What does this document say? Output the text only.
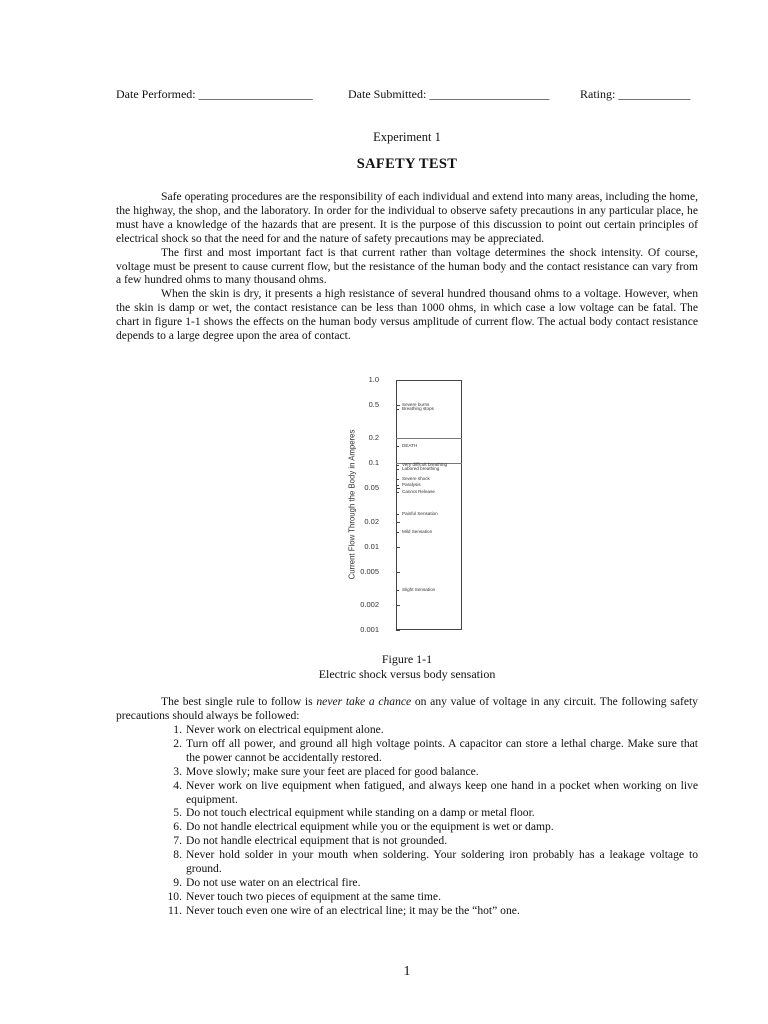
Date Performed: ___________________	Date Submitted: ____________________	Rating: ____________
Experiment 1
SAFETY TEST

Safe operating procedures are the responsibility of each individual and extend into many areas, including the home, the highway, the shop, and the laboratory. In order for the individual to observe safety precautions in any particular place, he must have a knowledge of the hazards that are present. It is the purpose of this discussion to point out certain principles of electrical shock so that the need for and the nature of safety precautions may be appreciated.

The first and most important fact is that current rather than voltage determines the shock intensity. Of course, voltage must be present to cause current flow, but the resistance of the human body and the contact resistance can vary from a few hundred ohms to many thousand ohms.

When the skin is dry, it presents a high resistance of several hundred thousand ohms to a voltage. However, when the skin is damp or wet, the contact resistance can be less than 1000 ohms, in which case a low voltage can be fatal. The chart in figure 1-1 shows the effects on the human body versus amplitude of current flow. The actual body contact resistance depends to a large degree upon the area of contact.

Current Flow Through the Body in Amperes
1.0
0.5
0.2
0.1
0.05
0.02
0.01
0.005
0.002
0.001
Severe burns
Breathing stops
DEATH
Very difficult breathing
Labored breathing
Severe shock
Paralysis
Cannot Release
Painful Sensation
Mild Sensation
Slight Sensation
Figure 1-1
Electric shock versus body sensation

The best single rule to follow is never take a chance on any value of voltage in any circuit. The following safety precautions should always be followed:

1. Never work on electrical equipment alone.
2. Turn off all power, and ground all high voltage points. A capacitor can store a lethal charge. Make sure that the power cannot be accidentally restored.
3. Move slowly; make sure your feet are placed for good balance.
4. Never work on live equipment when fatigued, and always keep one hand in a pocket when working on live equipment.
5. Do not touch electrical equipment while standing on a damp or metal floor.
6. Do not handle electrical equipment while you or the equipment is wet or damp.
7. Do not handle electrical equipment that is not grounded.
8. Never hold solder in your mouth when soldering. Your soldering iron probably has a leakage voltage to ground.
9. Do not use water on an electrical fire.
10. Never touch two pieces of equipment at the same time.
11. Never touch even one wire of an electrical line; it may be the “hot” one.
1
